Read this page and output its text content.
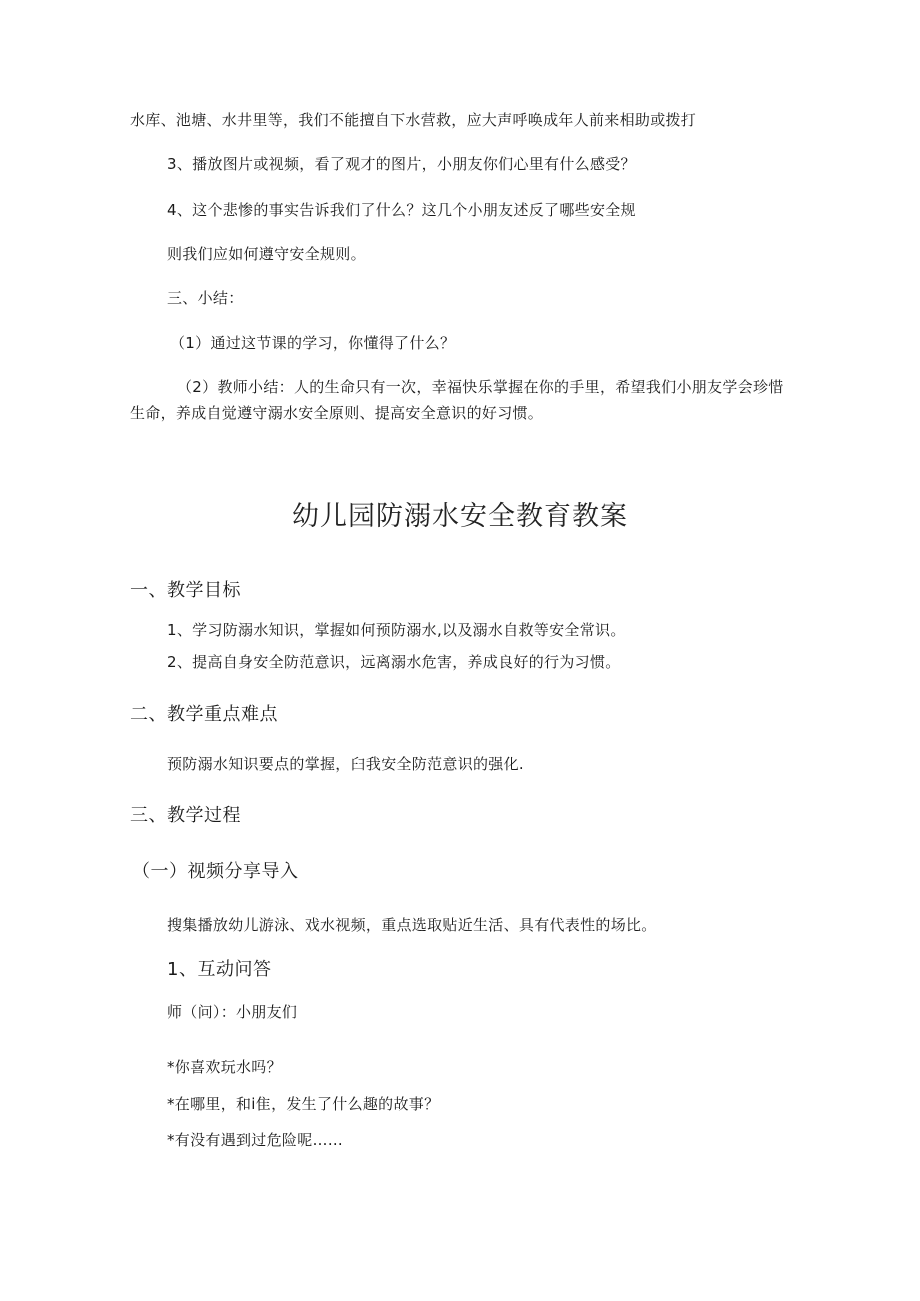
水库、池塘、水井里等，我们不能擅自下水营救，应大声呼唤成年人前来相助或拨打
3、播放图片或视频，看了观才的图片，小朋友你们心里有什么感受？
4、这个悲惨的事实告诉我们了什么？这几个小朋友述反了哪些安全规
则我们应如何遵守安全规则。
三、小结：
（1）通过这节课的学习，你懂得了什么？
（2）教师小结：人的生命只有一次，幸福快乐掌握在你的手里，希望我们小朋友学会珍惜
生命，养成自觉遵守溺水安全原则、提高安全意识的好习惯。
幼儿园防溺水安全教育教案
一、教学目标
1、学习防溺水知识，掌握如何预防溺水,以及溺水自救等安全常识。
2、提高自身安全防范意识，远离溺水危害，养成良好的行为习惯。
二、教学重点难点
预防溺水知识要点的掌握，臼我安全防范意识的强化.
三、教学过程
（一）视频分享导入
搜集播放幼儿游泳、戏水视频，重点选取贴近生活、具有代表性的场比。
1、互动问答
师（问）：小朋友们
*你喜欢玩水吗？
*在哪里，和i隹，发生了什么趣的故事？
*有没有遇到过危险呢……
